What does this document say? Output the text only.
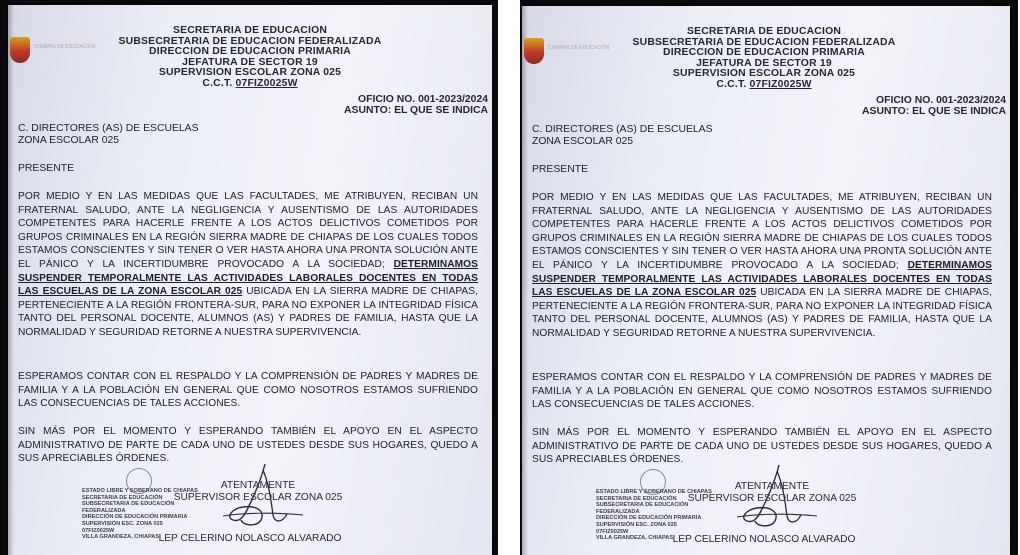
CHIAPAS DE EDUCACIÓN
SECRETARIA DE EDUCACION
SUBSECRETARIA DE EDUCACION FEDERALIZADA
DIRECCION DE EDUCACION PRIMARIA
JEFATURA DE SECTOR 19
SUPERVISION ESCOLAR ZONA 025
C.C.T. 07FIZ0025W
OFICIO NO. 001-2023/2024
ASUNTO: EL QUE SE INDICA
C. DIRECTORES (AS) DE ESCUELAS
ZONA ESCOLAR 025
PRESENTE
POR MEDIO Y EN LAS MEDIDAS QUE LAS FACULTADES, ME ATRIBUYEN, RECIBAN UN FRATERNAL SALUDO, ANTE LA NEGLIGENCIA Y AUSENTISMO DE LAS AUTORIDADES COMPETENTES PARA HACERLE FRENTE A LOS ACTOS DELICTIVOS COMETIDOS POR GRUPOS CRIMINALES EN LA REGIÓN SIERRA MADRE DE CHIAPAS DE LOS CUALES TODOS ESTAMOS CONSCIENTES Y SIN TENER O VER HASTA AHORA UNA PRONTA SOLUCIÓN ANTE EL PÁNICO Y LA INCERTIDUMBRE PROVOCADO A LA SOCIEDAD; DETERMINAMOS SUSPENDER TEMPORALMENTE LAS ACTIVIDADES LABORALES DOCENTES EN TODAS LAS ESCUELAS DE LA ZONA ESCOLAR 025 UBICADA EN LA SIERRA MADRE DE CHIAPAS, PERTENECIENTE A LA REGIÓN FRONTERA-SUR, PARA NO EXPONER LA INTEGRIDAD FÍSICA TANTO DEL PERSONAL DOCENTE, ALUMNOS (AS) Y PADRES DE FAMILIA, HASTA QUE LA NORMALIDAD Y SEGURIDAD RETORNE A NUESTRA SUPERVIVENCIA.
ESPERAMOS CONTAR CON EL RESPALDO Y LA COMPRENSIÓN DE PADRES Y MADRES DE FAMILIA Y A LA POBLACIÓN EN GENERAL QUE COMO NOSOTROS ESTAMOS SUFRIENDO LAS CONSECUENCIAS DE TALES ACCIONES.
SIN MÁS POR EL MOMENTO Y ESPERANDO TAMBIÉN EL APOYO EN EL ASPECTO ADMINISTRATIVO DE PARTE DE CADA UNO DE USTEDES DESDE SUS HOGARES, QUEDO A SUS APRECIABLES ÓRDENES.
ESTADO LIBRE Y SOBERANO DE CHIAPAS
SECRETARIA DE EDUCACIÓN
SUBSECRETARIA DE EDUCACIÓN FEDERALIZADA
DIRECCIÓN DE EDUCACIÓN PRIMARIA
SUPERVISIÓN ESC. ZONA 025
07FIZ0025W
VILLA GRANDEZA, CHIAPAS.
ATENTAMENTE
SUPERVISOR ESCOLAR ZONA 025
LEP CELERINO NOLASCO ALVARADO
CHIAPAS DE EDUCACIÓN
SECRETARIA DE EDUCACION
SUBSECRETARIA DE EDUCACION FEDERALIZADA
DIRECCION DE EDUCACION PRIMARIA
JEFATURA DE SECTOR 19
SUPERVISION ESCOLAR ZONA 025
C.C.T. 07FIZ0025W
OFICIO NO. 001-2023/2024
ASUNTO: EL QUE SE INDICA
C. DIRECTORES (AS) DE ESCUELAS
ZONA ESCOLAR 025
PRESENTE
POR MEDIO Y EN LAS MEDIDAS QUE LAS FACULTADES, ME ATRIBUYEN, RECIBAN UN FRATERNAL SALUDO, ANTE LA NEGLIGENCIA Y AUSENTISMO DE LAS AUTORIDADES COMPETENTES PARA HACERLE FRENTE A LOS ACTOS DELICTIVOS COMETIDOS POR GRUPOS CRIMINALES EN LA REGIÓN SIERRA MADRE DE CHIAPAS DE LOS CUALES TODOS ESTAMOS CONSCIENTES Y SIN TENER O VER HASTA AHORA UNA PRONTA SOLUCIÓN ANTE EL PÁNICO Y LA INCERTIDUMBRE PROVOCADO A LA SOCIEDAD; DETERMINAMOS SUSPENDER TEMPORALMENTE LAS ACTIVIDADES LABORALES DOCENTES EN TODAS LAS ESCUELAS DE LA ZONA ESCOLAR 025 UBICADA EN LA SIERRA MADRE DE CHIAPAS, PERTENECIENTE A LA REGIÓN FRONTERA-SUR, PARA NO EXPONER LA INTEGRIDAD FÍSICA TANTO DEL PERSONAL DOCENTE, ALUMNOS (AS) Y PADRES DE FAMILIA, HASTA QUE LA NORMALIDAD Y SEGURIDAD RETORNE A NUESTRA SUPERVIVENCIA.
ESPERAMOS CONTAR CON EL RESPALDO Y LA COMPRENSIÓN DE PADRES Y MADRES DE FAMILIA Y A LA POBLACIÓN EN GENERAL QUE COMO NOSOTROS ESTAMOS SUFRIENDO LAS CONSECUENCIAS DE TALES ACCIONES.
SIN MÁS POR EL MOMENTO Y ESPERANDO TAMBIÉN EL APOYO EN EL ASPECTO ADMINISTRATIVO DE PARTE DE CADA UNO DE USTEDES DESDE SUS HOGARES, QUEDO A SUS APRECIABLES ÓRDENES.
ESTADO LIBRE Y SOBERANO DE CHIAPAS
SECRETARIA DE EDUCACIÓN
SUBSECRETARIA DE EDUCACIÓN FEDERALIZADA
DIRECCIÓN DE EDUCACIÓN PRIMARIA
SUPERVISIÓN ESC. ZONA 025
07FIZ0025W
VILLA GRANDEZA, CHIAPAS.
ATENTAMENTE
SUPERVISOR ESCOLAR ZONA 025
LEP CELERINO NOLASCO ALVARADO
